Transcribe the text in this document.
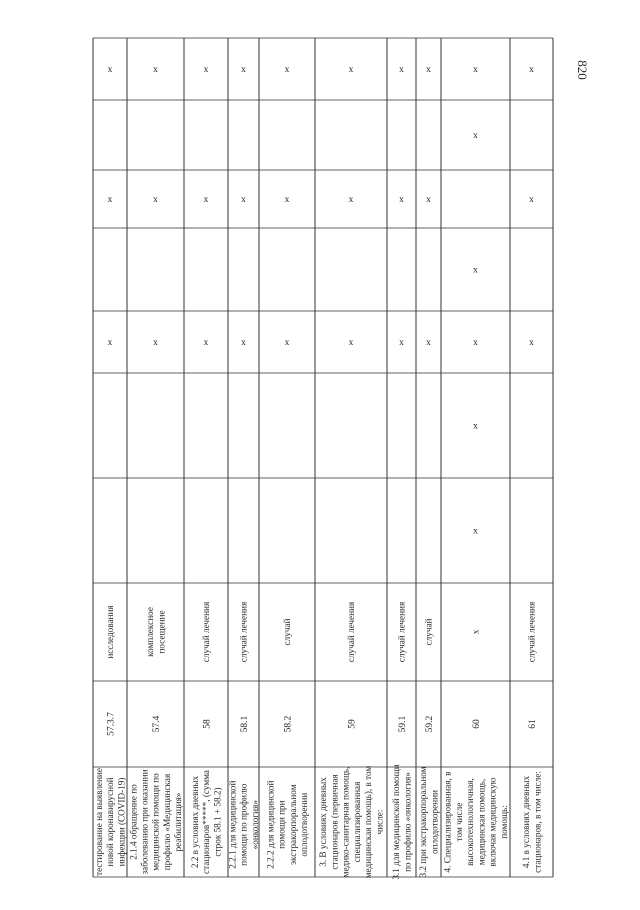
тестирование на выявлениеновой коронавируснойинфекции (COVID-19)
57.3.7
исследования
x
x
x
2.1.4 обращение позаболеванию при оказаниимедицинской помощи попрофилю «Медицинскаяреабилитация»
57.4
комплексноепосещение
x
x
x
2.2 в условиях дневныхстационаров*****, (суммастрок 58.1 + 58.2)
58
случай лечения
x
x
x
2.2.1 для медицинскойпомощи по профилю«онкология»
58.1
случай лечения
x
x
x
2.2.2 для медицинскойпомощи приэкстракорпоральномоплодотворении
58.2
случай
x
x
x
3. В условиях дневныхстационаров (первичнаямедико-санитарная помощь,специализированнаямедицинская помощь), в томчисле:
59
случай лечения
x
x
x
3.1 для медицинской помощипо профилю «онкология»
59.1
случай лечения
x
x
x
3.2 при экстракорпоральномоплодотворении
59.2
случай
x
x
x
4. Специализированная, втом числевысокотехнологичная,медицинская помощь,включая медицинскуюпомощь:
60
x
x
x
x
x
x
x
4.1 в условиях дневныхстационаров, в том числе:
61
случай лечения
x
x
x	820
